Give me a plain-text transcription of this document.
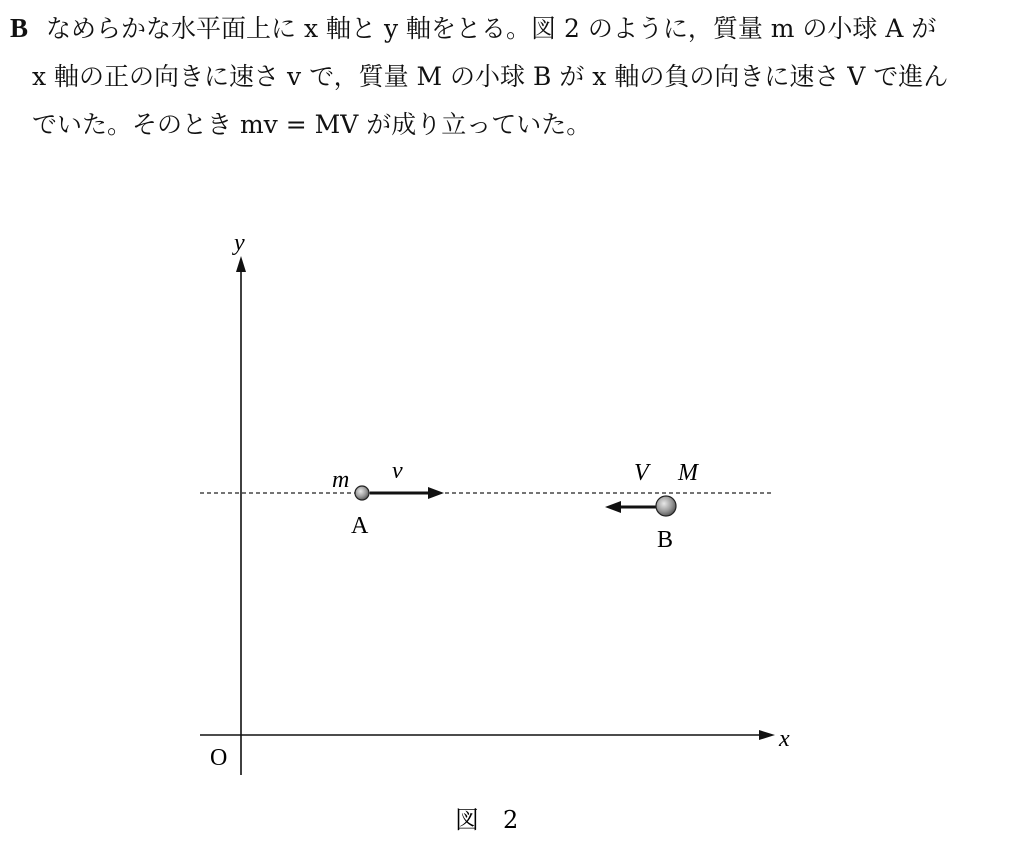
B なめらかな水平面上に x 軸と y 軸をとる。図 2 のように，質量 m の小球 A が
x 軸の正の向きに速さ v で，質量 M の小球 B が x 軸の負の向きに速さ V で進ん
でいた。そのとき mv = MV が成り立っていた。
y
x
O
m v
A
V M
B
図　2
